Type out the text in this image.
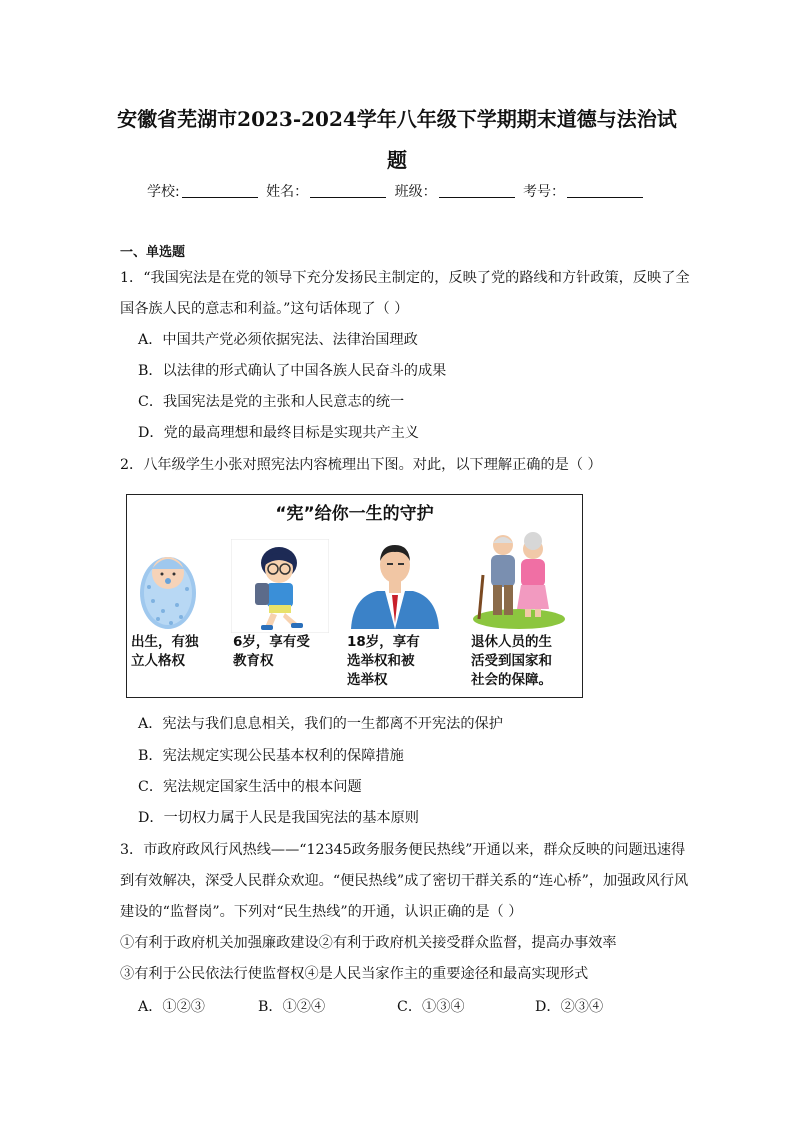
安徽省芜湖市2023-2024学年八年级下学期期末道德与法治试
题
学校:	姓名：	班级：	考号：
一、单选题
1．“我国宪法是在党的领导下充分发扬民主制定的，反映了党的路线和方针政策，反映了全
国各族人民的意志和利益。”这句话体现了（ ）
A．中国共产党必须依据宪法、法律治国理政
B．以法律的形式确认了中国各族人民奋斗的成果
C．我国宪法是党的主张和人民意志的统一
D．党的最高理想和最终目标是实现共产主义
2．八年级学生小张对照宪法内容梳理出下图。对此，以下理解正确的是（ ）
“宪”给你一生的守护
出生，有独
立人格权
6岁，享有受
教育权
18岁，享有
选举权和被
选举权
退休人员的生
活受到国家和
社会的保障。
A．宪法与我们息息相关，我们的一生都离不开宪法的保护
B．宪法规定实现公民基本权利的保障措施
C．宪法规定国家生活中的根本问题
D．一切权力属于人民是我国宪法的基本原则
3．市政府政风行风热线——“12345政务服务便民热线”开通以来，群众反映的问题迅速得
到有效解决，深受人民群众欢迎。“便民热线”成了密切干群关系的“连心桥”，加强政风行风
建设的“监督岗”。下列对“民生热线”的开通，认识正确的是（ ）
①有利于政府机关加强廉政建设②有利于政府机关接受群众监督，提高办事效率
③有利于公民依法行使监督权④是人民当家作主的重要途径和最高实现形式
A．①②③	B．①②④	C．①③④	D．②③④
